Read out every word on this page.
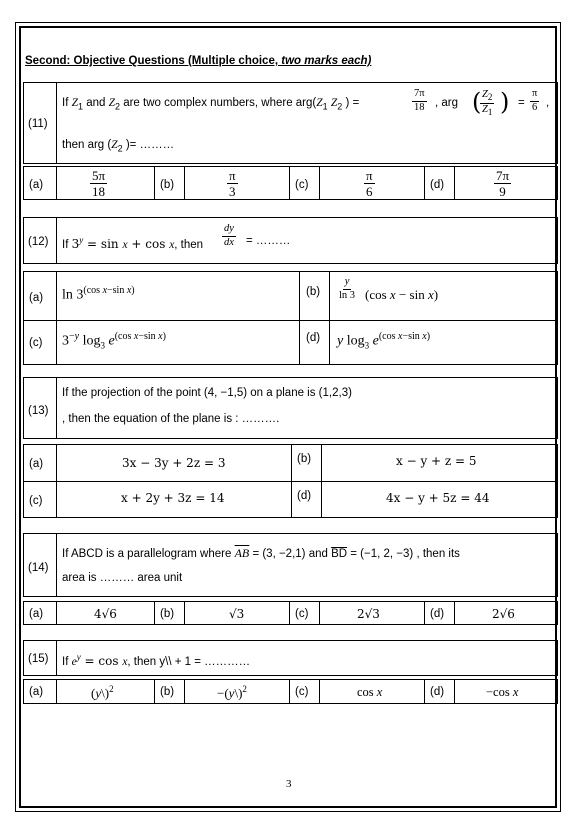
Second: Objective Questions (Multiple choice, two marks each)
(11)
If $Z_1$ and $Z_2$ are two complex numbers, where $arg(Z_1$ $Z_2$ ) =	$\frac{7\pi}{18}$ , arg (
$\frac{Z_2}{Z_1}$ ) = $\frac{\pi}{6}$ ,
then arg ($Z_2$ )= ………
(a)	$\frac{5\pi}{18}$	(b)	$\frac{\pi}{3}$	(c)	$\frac{\pi}{6}$	(d)	$\frac{7\pi}{9}$
(12) If $3^y = \sin x + \cos x$, then $\frac{dy}{dx}$ = ………
(a) $\ln 3^{(cos x-sin x)}$	$(b) \frac{y}{\ln 3} (\cos$ x − sin x)
(c) $3^{-y}$ $\log_3 e^{(cos x-sin x)}$	(d) y $\log_3 e^{(cos x-sin x)}$
(13)
If the projection of the point (4, −1,5) on a plane is (1,2,3)
, then the equation of the plane is : ……….
(a)	3x − 3y + 2z = 3	(b)	x − y + z = 5
(c)	x + 2y + 3z = 14	(d)	4x − y + 5z = 44
(14)
If ABCD is a parallelogram where $\overline{AB} = (3$, −2,1) and $\overline{BD} = (-1$, 2, −3) , then its
area is ……… area unit
(a)	4√6	(b)	√3	(c)	2√3	(d)	2√6
(15) If $e^y = \cos x$, then y\\ + 1 = …………
(a)	(y\)$^2$	(b)	−(y\)$^2$	(c)	cos x	(d)	−cos x
3
